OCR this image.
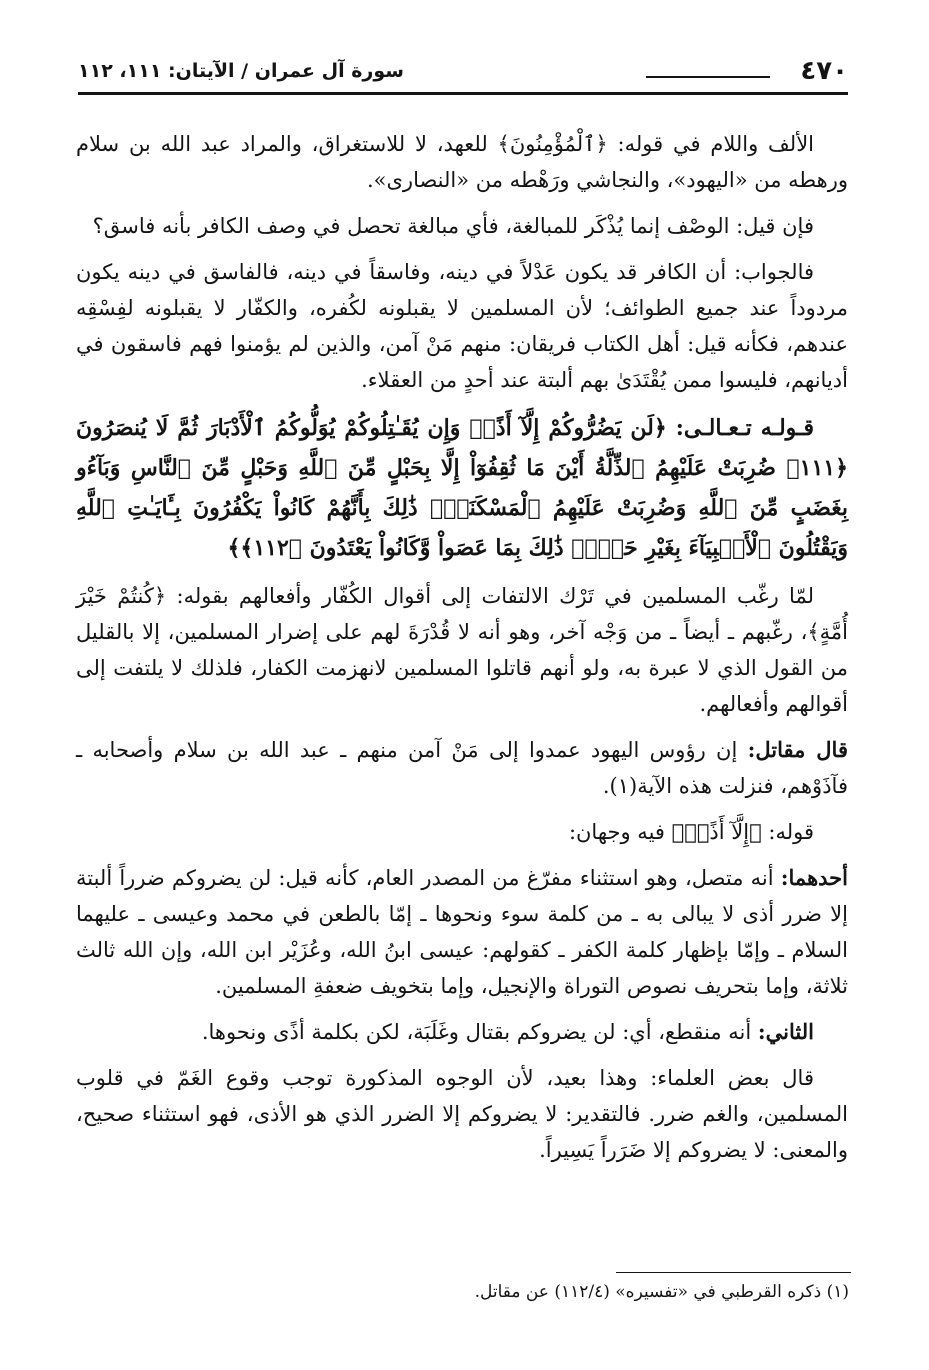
٤٧٠
سورة آل عمران / الآيتان: ١١١، ١١٢

الألف واللام في قوله: ﴿ٱلْمُؤْمِنُونَ﴾ للعهد، لا للاستغراق، والمراد عبد الله بن سلام ورهطه من «اليهود»، والنجاشي ورَهْطه من «النصارى».

فإن قيل: الوصْف إنما يُذْكَر للمبالغة، فأي مبالغة تحصل في وصف الكافر بأنه فاسق؟

فالجواب: أن الكافر قد يكون عَدْلاً في دينه، وفاسقاً في دينه، فالفاسق في دينه يكون مردوداً عند جميع الطوائف؛ لأن المسلمين لا يقبلونه لكُفره، والكفّار لا يقبلونه لفِسْقِه عندهم، فكأنه قيل: أهل الكتاب فريقان: منهم مَنْ آمن، والذين لم يؤمنوا فهم فاسقون في أديانهم، فليسوا ممن يُقْتَدَىٰ بهم ألبتة عند أحدٍ من العقلاء.

قـولـه تـعـالـى: ﴿لَن يَضُرُّوكُمْ إِلَّآ أَذًىۖ وَإِن يُقَـٰتِلُوكُمْ يُوَلُّوكُمُ ٱلْأَدْبَارَ ثُمَّ لَا يُنصَرُونَ ﴿١١١﴾ ضُرِبَتْ عَلَيْهِمُ ٱلذِّلَّةُ أَيْنَ مَا ثُقِفُوٓاْ إِلَّا بِحَبْلٍ مِّنَ ٱللَّهِ وَحَبْلٍ مِّنَ ٱلنَّاسِ وَبَآءُو بِغَضَبٍ مِّنَ ٱللَّهِ وَضُرِبَتْ عَلَيْهِمُ ٱلْمَسْكَنَةُۚ ذَٰلِكَ بِأَنَّهُمْ كَانُواْ يَكْفُرُونَ بِـَٔايَـٰتِ ٱللَّهِ وَيَقْتُلُونَ ٱلْأَنۢبِيَآءَ بِغَيْرِ حَقٍّۚ ذَٰلِكَ بِمَا عَصَواْ وَّكَانُواْ يَعْتَدُونَ ﴿١١٢﴾﴾

لمّا رغّب المسلمين في تَرْك الالتفات إلى أقوال الكُفّار وأفعالهم بقوله: ﴿كُنتُمْ خَيْرَ أُمَّةٍ﴾، رغّبهم ـ أيضاً ـ من وَجْه آخر، وهو أنه لا قُدْرَةَ لهم على إضرار المسلمين، إلا بالقليل من القول الذي لا عبرة به، ولو أنهم قاتلوا المسلمين لانهزمت الكفار، فلذلك لا يلتفت إلى أقوالهم وأفعالهم.

قال مقاتل: إن رؤوس اليهود عمدوا إلى مَنْ آمن منهم ـ عبد الله بن سلام وأصحابه ـ فآذَوْهم، فنزلت هذه الآية(١).

قوله: ﴿إِلَّآ أَذًىۖ﴾ فيه وجهان:

أحدهما: أنه متصل، وهو استثناء مفرّغ من المصدر العام، كأنه قيل: لن يضروكم ضرراً ألبتة إلا ضرر أذى لا يبالى به ـ من كلمة سوء ونحوها ـ إمّا بالطعن في محمد وعيسى ـ عليهما السلام ـ وإمّا بإظهار كلمة الكفر ـ كقولهم: عيسى ابنُ الله، وعُزَيْر ابن الله، وإن الله ثالث ثلاثة، وإما بتحريف نصوص التوراة والإنجيل، وإما بتخويف ضعفةِ المسلمين.

الثاني: أنه منقطع، أي: لن يضروكم بقتال وغَلَبَة، لكن بكلمة أذًى ونحوها.

قال بعض العلماء: وهذا بعيد، لأن الوجوه المذكورة توجب وقوع الغَمّ في قلوب المسلمين، والغم ضرر. فالتقدير: لا يضروكم إلا الضرر الذي هو الأذى، فهو استثناء صحيح، والمعنى: لا يضروكم إلا ضَرَراً يَسِيراً.

(١) ذكره القرطبي في «تفسيره» (١١٢/٤) عن مقاتل.
